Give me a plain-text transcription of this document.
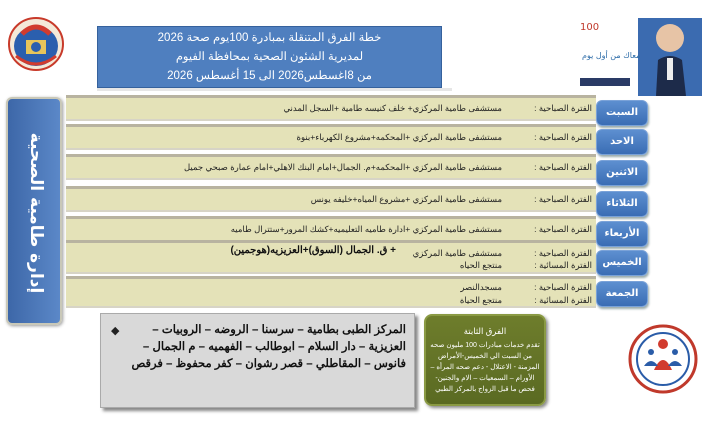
خطة الفرق المتنقلة بمبادرة 100يوم صحة 2026
لمديرية الشئون الصحية بمحافظة الفيوم
من 8اغسطس2026 الى 15 أغسطس 2026
100
معاك من أول يوم
إدارة طامية الصحية
الفترة الصباحية :
مستشفى طامية المركزي+ خلف كنيسه طامية +السجل المدني	السبت
الفترة الصباحية :
مستشفى طامية المركزي +المحكمه+مشروع الكهرباء+بنوة	الاحد
الفترة الصباحية :
مستشفى طامية المركزي +المحكمه+م. الجمال+امام البنك الاهلي+امام عمارة صبحي جميل	الاثنين
الفترة الصباحية :
مستشفى طامية المركزي +مشروع المياه+خليفه يونس	الثلاثاء
الفترة الصباحية :
مستشفى طامية المركزي +ادارة طاميه التعليميه+كشك المرور+ستترال طاميه	الأربعاء
الفترة الصباحية :
مستشفى طامية المركزي
+ ق. الجمال (السوق)+العزيزيه(هوجمين)
الفترة المسائية :
منتجع الحياه	الخميس
الفترة الصباحية :
مسجدالنصر
الفترة المسائية :
منتجع الحياة
الجمعة
◆	المركز الطبى بطامية – سرسنا – الروضه – الروبيات – العزيزية – دار السلام – ابوطالب – الفهميه – م الجمال – فانوس – المقاطلي – قصر رشوان – كفر محفوظ – فرقص
الفرق الثابتة
تقدم خدمات مبادرات 100 مليون صحه من السبت الي الخميس-الأمراض المزمنة - الاعتلال - دعم صحه المرأه – الأورام – السمعيات – الام والجنين- فحص ما قبل الزواج بالمركز الطبي
